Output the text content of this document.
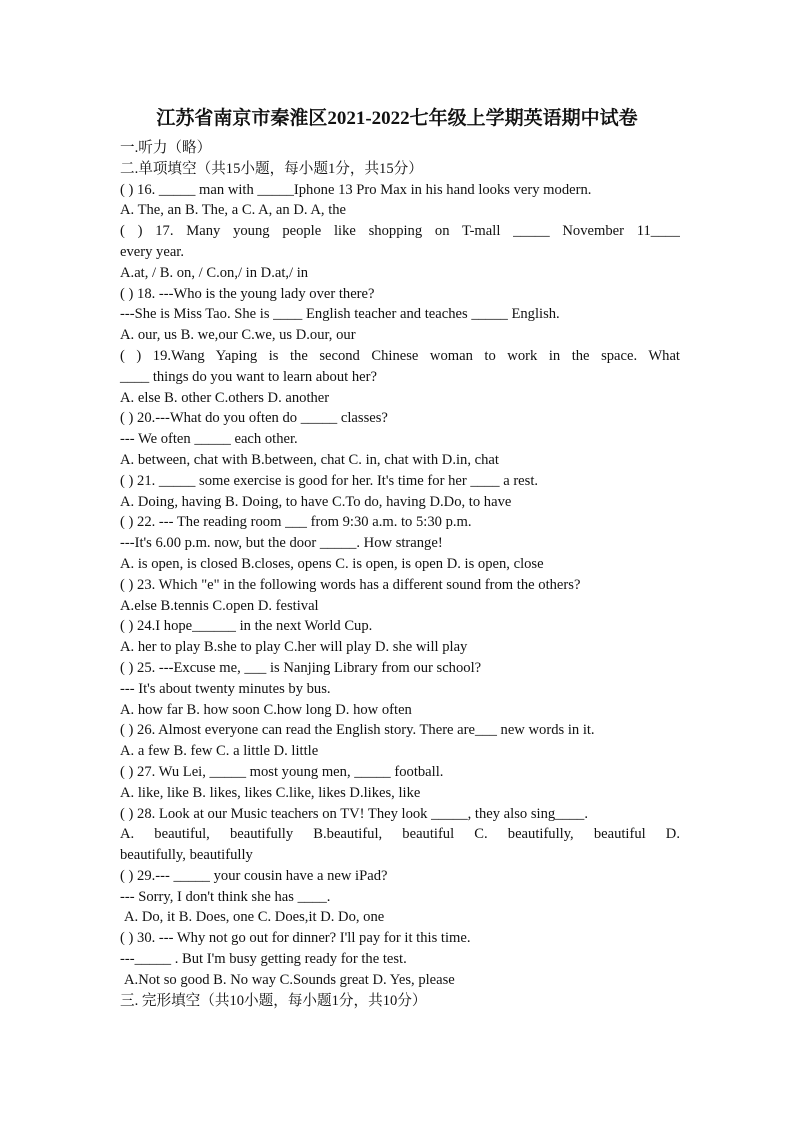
江苏省南京市秦淮区2021-2022七年级上学期英语期中试卷
一.听力（略）
二.单项填空（共15小题，每小题1分，共15分）
( ) 16. _____ man with _____Iphone 13 Pro Max in his hand looks very modern.
A. The, an B. The, a C. A, an D. A, the
( ) 17. Many young people like shopping on T-mall _____ November 11____
every year.
A.at, / B. on, / C.on,/ in D.at,/ in
( ) 18. ---Who is the young lady over there?
---She is Miss Tao. She is ____ English teacher and teaches _____ English.
A. our, us B. we,our C.we, us D.our, our
( ) 19.Wang Yaping is the second Chinese woman to work in the space. What
____ things do you want to learn about her?
A. else B. other C.others D. another
( ) 20.---What do you often do _____ classes?
--- We often _____ each other.
A. between, chat with B.between, chat C. in, chat with D.in, chat
( ) 21. _____ some exercise is good for her. It's time for her ____ a rest.
A. Doing, having B. Doing, to have C.To do, having D.Do, to have
( ) 22. --- The reading room ___ from 9:30 a.m. to 5:30 p.m.
---It's 6.00 p.m. now, but the door _____. How strange!
A. is open, is closed B.closes, opens C. is open, is open D. is open, close
( ) 23. Which "e" in the following words has a different sound from the others?
A.else B.tennis C.open D. festival
( ) 24.I hope______ in the next World Cup.
A. her to play B.she to play C.her will play D. she will play
( ) 25. ---Excuse me, ___ is Nanjing Library from our school?
--- It's about twenty minutes by bus.
A. how far B. how soon C.how long D. how often
( ) 26. Almost everyone can read the English story. There are___ new words in it.
A. a few B. few C. a little D. little
( ) 27. Wu Lei, _____ most young men, _____ football.
A. like, like B. likes, likes C.like, likes D.likes, like
( ) 28. Look at our Music teachers on TV! They look _____, they also sing____.
A. beautiful, beautifully B.beautiful, beautiful C. beautifully, beautiful D.
beautifully, beautifully
( ) 29.--- _____ your cousin have a new iPad?
--- Sorry, I don't think she has ____.
A. Do, it B. Does, one C. Does,it D. Do, one
( ) 30. --- Why not go out for dinner? I'll pay for it this time.
---_____ . But I'm busy getting ready for the test.
A.Not so good B. No way C.Sounds great D. Yes, please
三. 完形填空（共10小题，每小题1分，共10分）
